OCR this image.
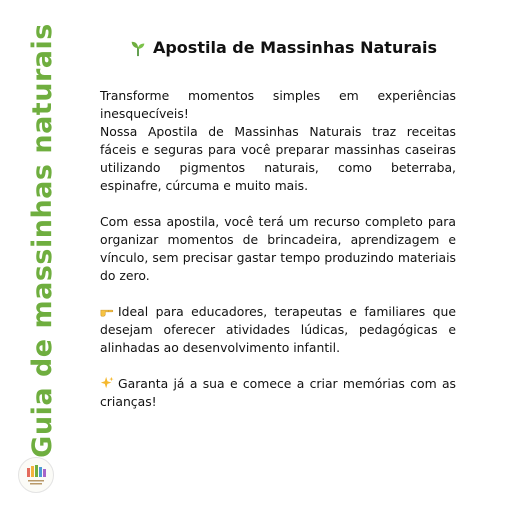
Guia de massinhas naturais	Apostila de Massinhas Naturais

Transforme momentos simples em experiências inesquecíveis!
Nossa Apostila de Massinhas Naturais traz receitas fáceis e seguras para você preparar massinhas caseiras utilizando pigmentos naturais, como beterraba, espinafre, cúrcuma e muito mais.

Com essa apostila, você terá um recurso completo para organizar momentos de brincadeira, aprendizagem e vínculo, sem precisar gastar tempo produzindo materiais do zero.

Ideal para educadores, terapeutas e familiares que desejam oferecer atividades lúdicas, pedagógicas e alinhadas ao desenvolvimento infantil.

Garanta já a sua e comece a criar memórias com as crianças!
